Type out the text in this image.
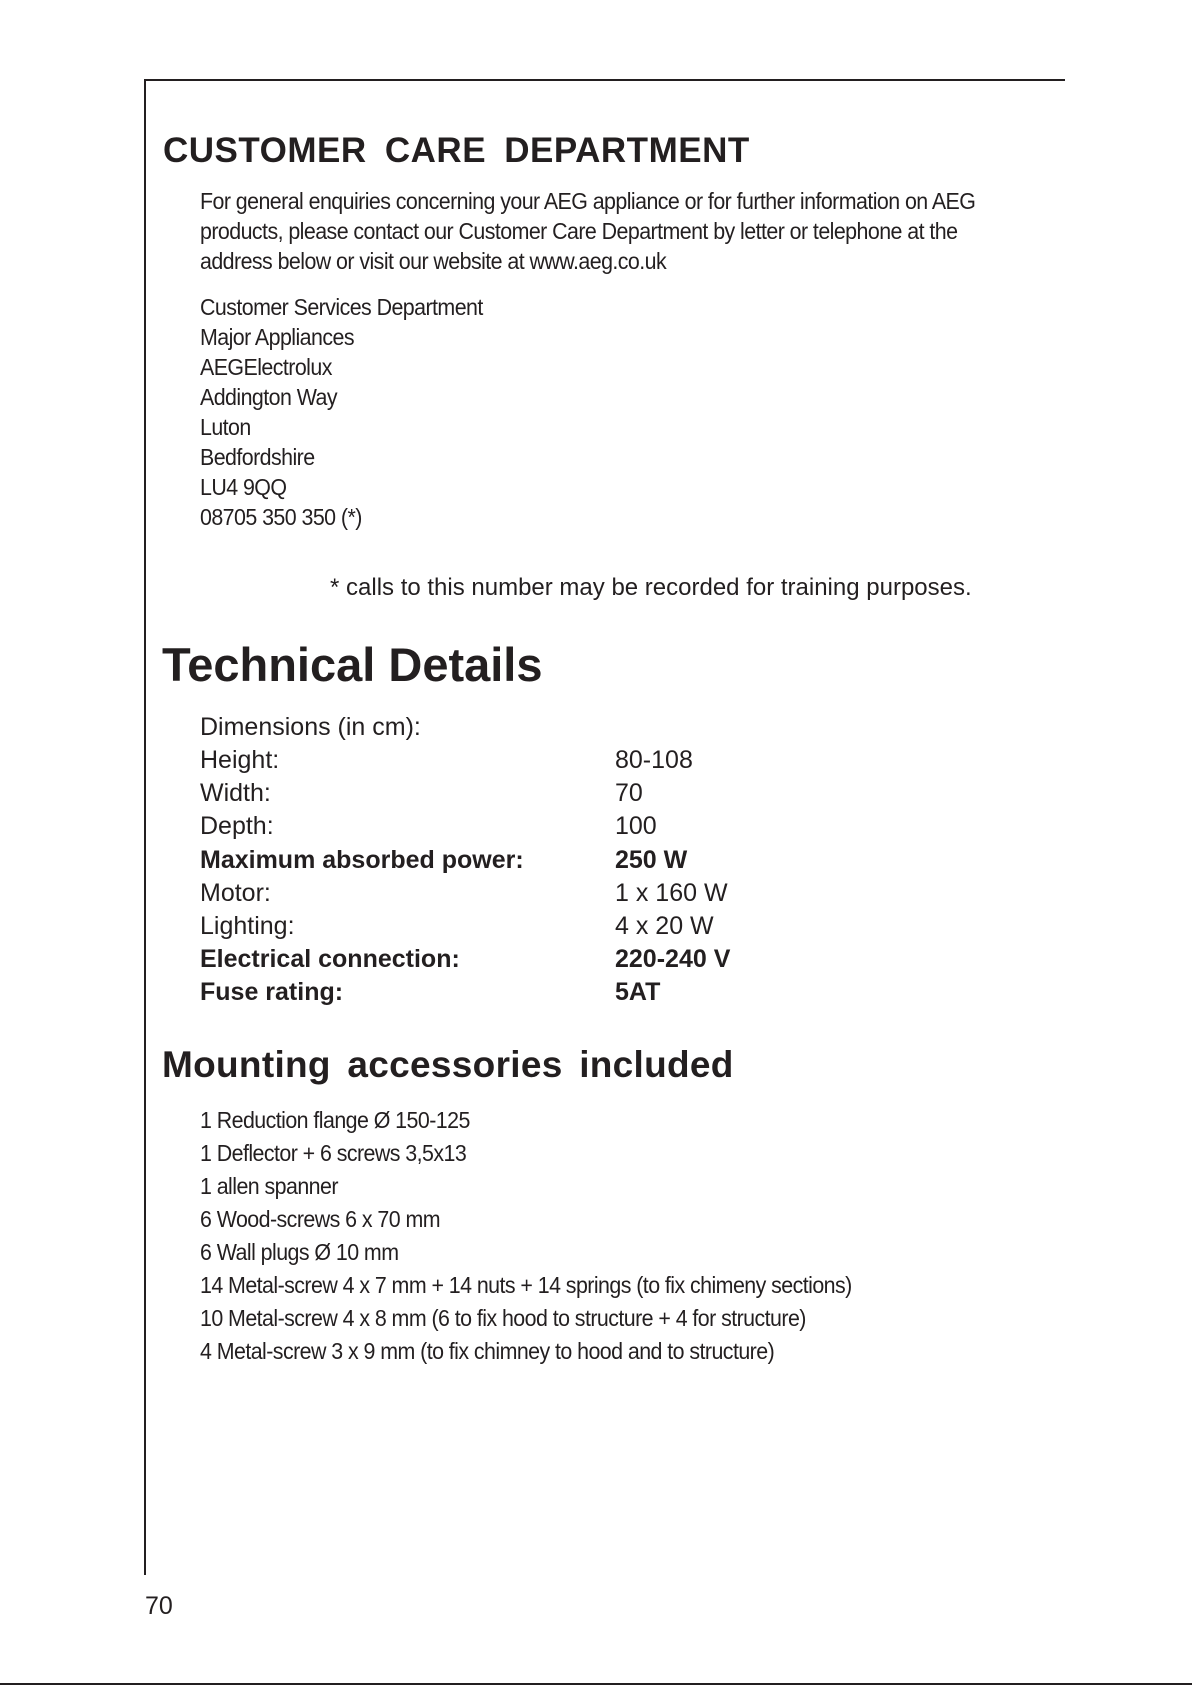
CUSTOMER CARE DEPARTMENT
For general enquiries concerning your AEG appliance or for further information on AEG
products, please contact our Customer Care Department by letter or telephone at the
address below or visit our website at www.aeg.co.uk
Customer Services Department
Major Appliances
AEGElectrolux
Addington Way
Luton
Bedfordshire
LU4 9QQ
08705 350 350 (*)
* calls to this number may be recorded for training purposes.
Technical Details
Dimensions (in cm):
Height:	80-108
Width:	70
Depth:	100
Maximum absorbed power:	250 W
Motor:	1 x 160 W
Lighting:	4 x 20 W
Electrical connection:	220-240 V
Fuse rating:	5AT
Mounting accessories included
1 Reduction flange Ø 150-125
1 Deflector + 6 screws 3,5x13
1 allen spanner
6 Wood-screws 6 x 70 mm
6 Wall plugs Ø 10 mm
14 Metal-screw 4 x 7 mm + 14 nuts + 14 springs (to fix chimeny sections)
10 Metal-screw 4 x 8 mm (6 to fix hood to structure + 4 for structure)
4 Metal-screw 3 x 9 mm (to fix chimney to hood and to structure)
70
